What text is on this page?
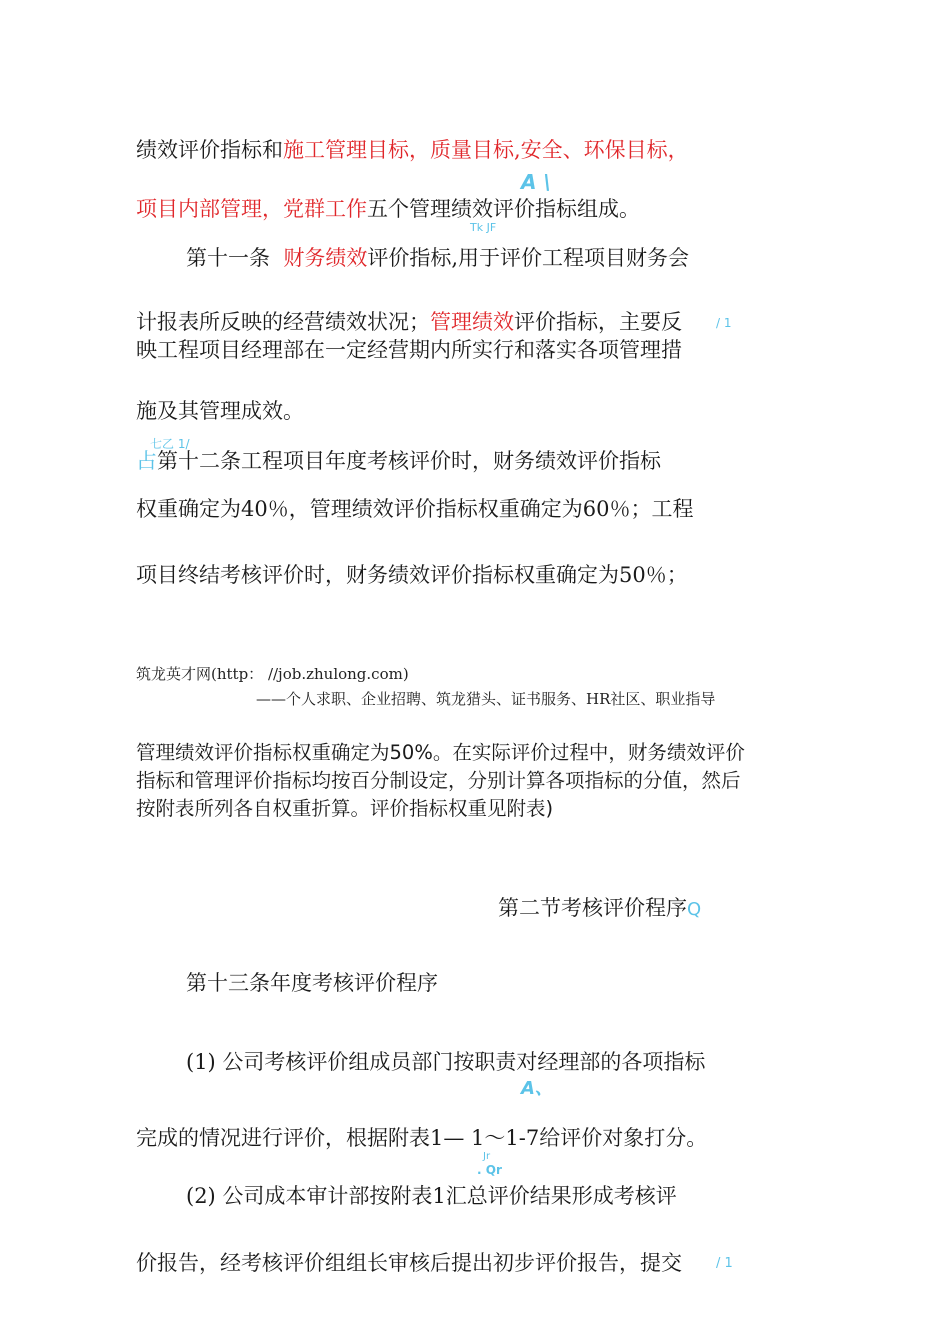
绩效评价指标和施工管理目标，质量目标,安全、环保目标，
A \
项目内部管理，党群工作五个管理绩效评价指标组成。
Tk JF
第十一条 财务绩效评价指标,用于评价工程项目财务会
计报表所反映的经营绩效状况；管理绩效评价指标，主要反	/ 1
映工程项目经理部在一定经营期内所实行和落实各项管理措
施及其管理成效。
七乙 1/
占第十二条工程项目年度考核评价时，财务绩效评价指标
权重确定为40％，管理绩效评价指标权重确定为60％；工程
项目终结考核评价时，财务绩效评价指标权重确定为50％；
筑龙英才网(http： //job.zhulong.com)
——个人求职、企业招聘、筑龙猎头、证书服务、HR社区、职业指导
管理绩效评价指标权重确定为50%。在实际评价过程中，财务绩效评价
指标和管理评价指标均按百分制设定，分别计算各项指标的分值，然后
按附表所列各自权重折算。评价指标权重见附表)
第二节考核评价程序Q
第十三条年度考核评价程序
(1) 公司考核评价组成员部门按职责对经理部的各项指标
A、
完成的情况进行评价，根据附表1— 1〜1-7给评价对象打分。
Jr
. Qr
(2) 公司成本审计部按附表1汇总评价结果形成考核评
价报告，经考核评价组组长审核后提出初步评价报告，提交	/ 1
